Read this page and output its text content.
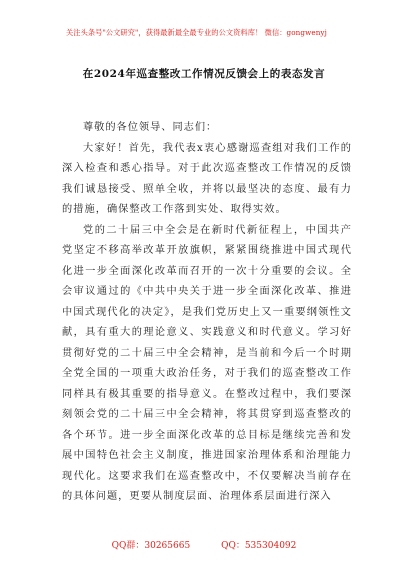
关注头条号"公文研究"，获得最新最全最专业的公文资料库！ 微信：gongwenyj
在2024年巡查整改工作情况反馈会上的表态发言

尊敬的各位领导、同志们：

大家好！首先，我代表x衷心感谢巡查组对我们工作的深入检查和悉心指导。对于此次巡查整改工作情况的反馈我们诚恳接受、照单全收，并将以最坚决的态度、最有力的措施，确保整改工作落到实处、取得实效。

党的二十届三中全会是在新时代新征程上，中国共产党坚定不移高举改革开放旗帜，紧紧围绕推进中国式现代化进一步全面深化改革而召开的一次十分重要的会议。全会审议通过的《中共中央关于进一步全面深化改革、推进中国式现代化的决定》，是我们党历史上又一重要纲领性文献，具有重大的理论意义、实践意义和时代意义。学习好贯彻好党的二十届三中全会精神，是当前和今后一个时期全党全国的一项重大政治任务，对于我们的巡查整改工作同样具有极其重要的指导意义。在整改过程中，我们要深刻领会党的二十届三中全会精神，将其贯穿到巡查整改的各个环节。进一步全面深化改革的总目标是继续完善和发展中国特色社会主义制度，推进国家治理体系和治理能力现代化。这要求我们在巡查整改中，不仅要解决当前存在的具体问题，更要从制度层面、治理体系层面进行深入

QQ群：30265665	QQ：535304092
